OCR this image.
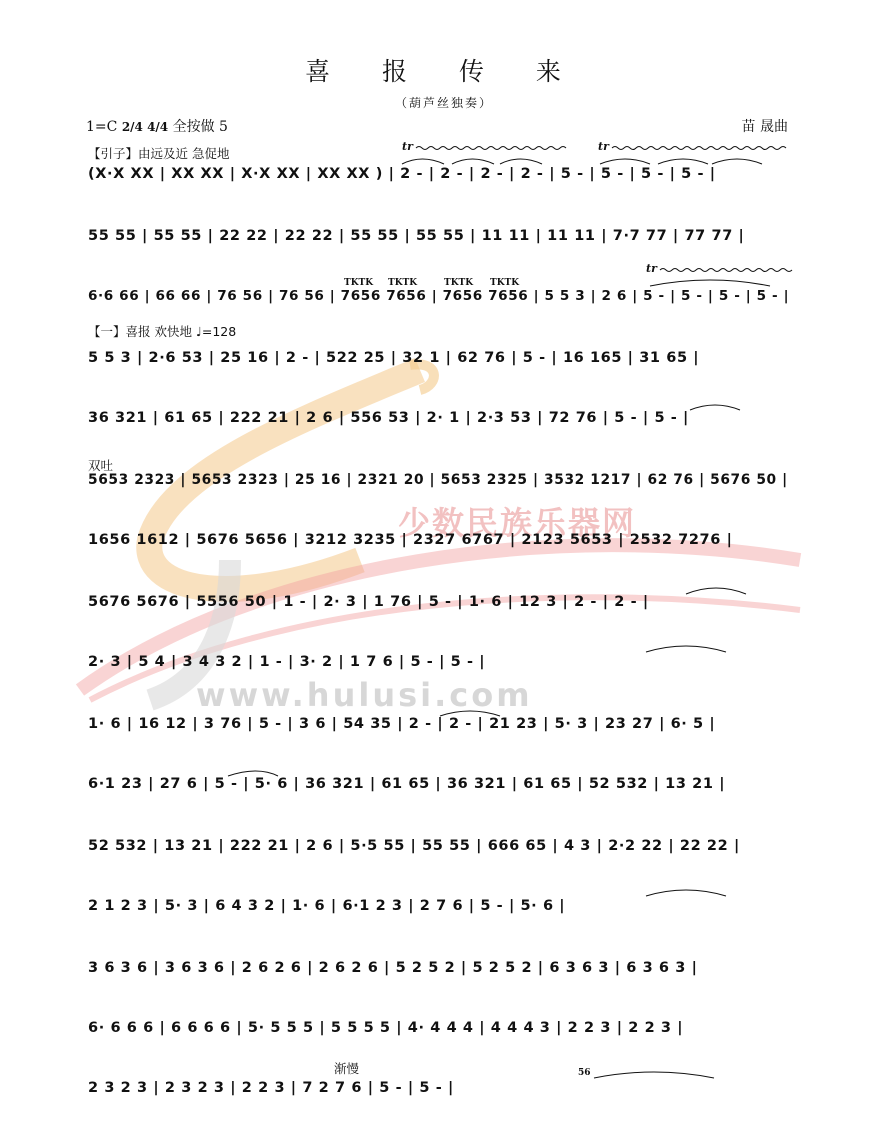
少数民族乐器网
www.hulusi.com
喜 报 传 来
（葫芦丝独奏）
1=C 2/4 4/4 全按做 5	苗 晟曲
【引子】由远及近 急促地
【一】喜报 欢快地 ♩=128
双吐
渐慢
tr	tr
tr
(X·X XX | XX XX | X·X XX | XX XX ) | 2 - | 2 - | 2 - | 2 - | 5 - | 5 - | 5 - | 5 - |
55 55 | 55 55 | 22 22 | 22 22 | 55 55 | 55 55 | 11 11 | 11 11 | 7·7 77 | 77 77 |
6·6 66 | 66 66 | 76 56 | 76 56 | 7656 7656 | 7656 7656 | 5 5 3 | 2 6 | 5 - | 5 - | 5 - | 5 - |
5 5 3 | 2·6 53 | 25 16 | 2 - | 522 25 | 32 1 | 62 76 | 5 - | 16 165 | 31 65 |
36 321 | 61 65 | 222 21 | 2 6 | 556 53 | 2· 1 | 2·3 53 | 72 76 | 5 - | 5 - |
5653 2323 | 5653 2323 | 25 16 | 2321 20 | 5653 2325 | 3532 1217 | 62 76 | 5676 50 |
1656 1612 | 5676 5656 | 3212 3235 | 2327 6767 | 2123 5653 | 2532 7276 |
5676 5676 | 5556 50 | 1 - | 2· 3 | 1 76 | 5 - | 1· 6 | 12 3 | 2 - | 2 - |
2· 3 | 5 4 | 3 4 3 2 | 1 - | 3· 2 | 1 7 6 | 5 - | 5 - |
1· 6 | 16 12 | 3 76 | 5 - | 3 6 | 54 35 | 2 - | 2 - | 21 23 | 5· 3 | 23 27 | 6· 5 |
6·1 23 | 27 6 | 5 - | 5· 6 | 36 321 | 61 65 | 36 321 | 61 65 | 52 532 | 13 21 |
52 532 | 13 21 | 222 21 | 2 6 | 5·5 55 | 55 55 | 666 65 | 4 3 | 2·2 22 | 22 22 |
2 1 2 3 | 5· 3 | 6 4 3 2 | 1· 6 | 6·1 2 3 | 2 7 6 | 5 - | 5· 6 |
3 6 3 6 | 3 6 3 6 | 2 6 2 6 | 2 6 2 6 | 5 2 5 2 | 5 2 5 2 | 6 3 6 3 | 6 3 6 3 |
6· 6 6 6 | 6 6 6 6 | 5· 5 5 5 | 5 5 5 5 | 4· 4 4 4 | 4 4 4 3 | 2 2 3 | 2 2 3 |
2 3 2 3 | 2 3 2 3 | 2 2 3 | 7 2 7 6 | 5 - | 5 - |
TKTK TKTK	TKTK TKTK
56
